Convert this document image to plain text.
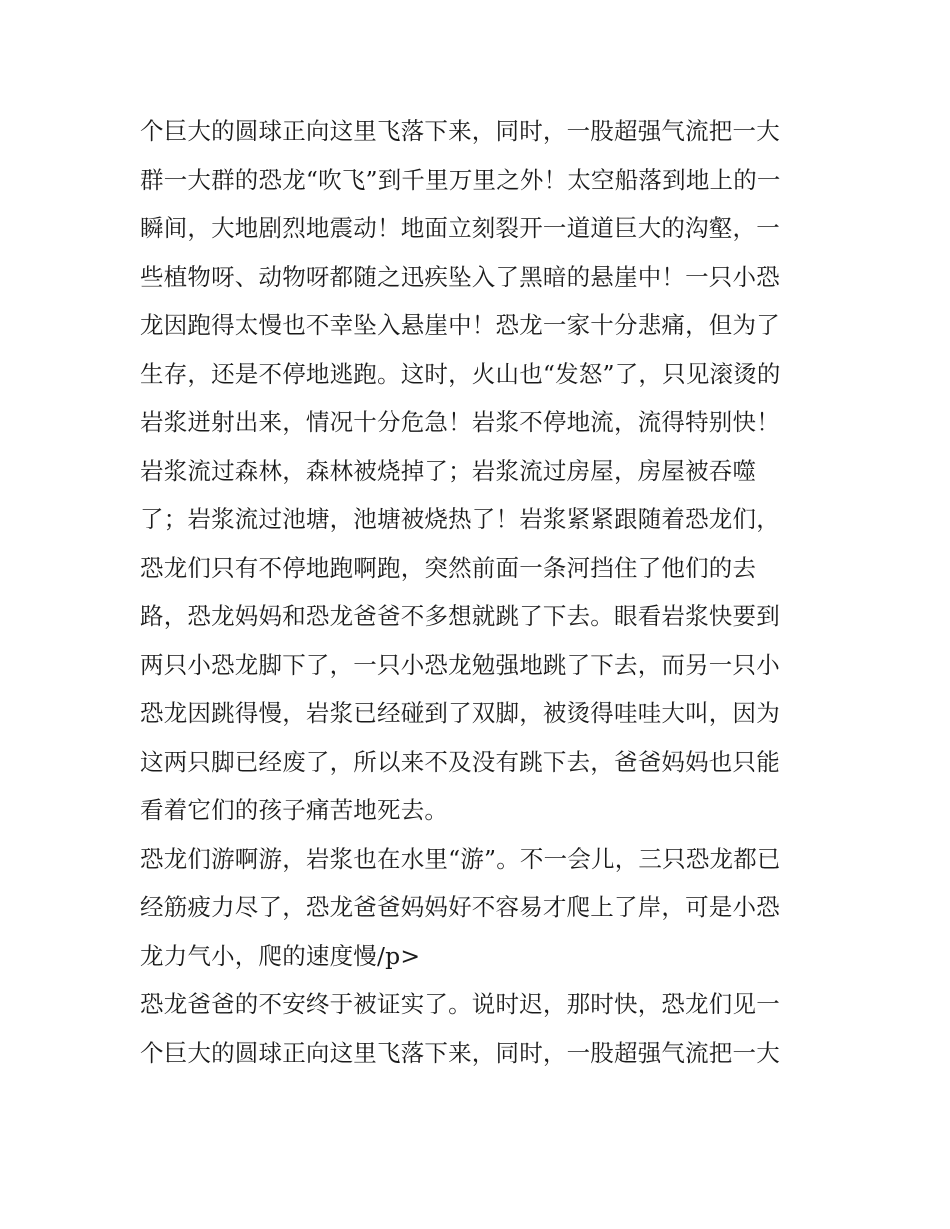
个巨大的圆球正向这里飞落下来，同时，一股超强气流把一大
群一大群的恐龙“吹飞”到千里万里之外！太空船落到地上的一
瞬间，大地剧烈地震动！地面立刻裂开一道道巨大的沟壑，一
些植物呀、动物呀都随之迅疾坠入了黑暗的悬崖中！一只小恐
龙因跑得太慢也不幸坠入悬崖中！恐龙一家十分悲痛，但为了
生存，还是不停地逃跑。这时，火山也“发怒”了，只见滚烫的
岩浆迸射出来，情况十分危急！岩浆不停地流，流得特别快！
岩浆流过森林，森林被烧掉了；岩浆流过房屋，房屋被吞噬
了；岩浆流过池塘，池塘被烧热了！岩浆紧紧跟随着恐龙们，
恐龙们只有不停地跑啊跑，突然前面一条河挡住了他们的去
路，恐龙妈妈和恐龙爸爸不多想就跳了下去。眼看岩浆快要到
两只小恐龙脚下了，一只小恐龙勉强地跳了下去，而另一只小
恐龙因跳得慢，岩浆已经碰到了双脚，被烫得哇哇大叫，因为
这两只脚已经废了，所以来不及没有跳下去，爸爸妈妈也只能
看着它们的孩子痛苦地死去。
恐龙们游啊游，岩浆也在水里“游”。不一会儿，三只恐龙都已
经筋疲力尽了，恐龙爸爸妈妈好不容易才爬上了岸，可是小恐
龙力气小，爬的速度慢/p>
恐龙爸爸的不安终于被证实了。说时迟，那时快，恐龙们见一
个巨大的圆球正向这里飞落下来，同时，一股超强气流把一大
